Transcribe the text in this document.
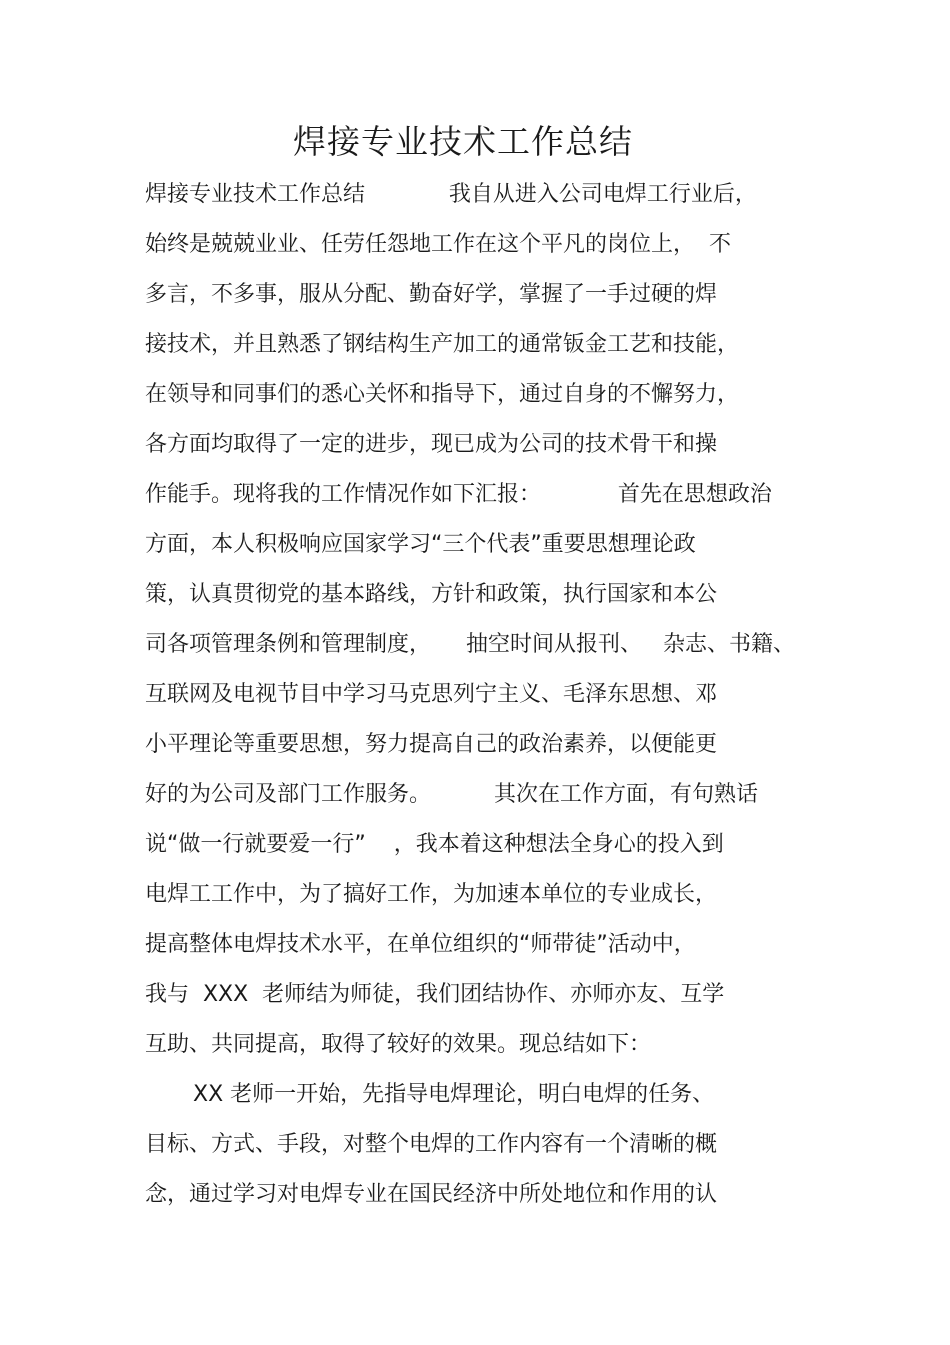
焊接专业技术工作总结
焊接专业技术工作总结            我自从进入公司电焊工行业后，
始终是兢兢业业、任劳任怨地工作在这个平凡的岗位上，  不
多言，不多事，服从分配、勤奋好学，掌握了一手过硬的焊
接技术，并且熟悉了钢结构生产加工的通常钣金工艺和技能，
在领导和同事们的悉心关怀和指导下，通过自身的不懈努力，
各方面均取得了一定的进步，现已成为公司的技术骨干和操
作能手。现将我的工作情况作如下汇报：           首先在思想政治
方面，本人积极响应国家学习“三个代表”重要思想理论政
策，认真贯彻党的基本路线，方针和政策，执行国家和本公
司各项管理条例和管理制度，     抽空时间从报刊、   杂志、书籍、
互联网及电视节目中学习马克思列宁主义、毛泽东思想、邓
小平理论等重要思想，努力提高自己的政治素养，以便能更
好的为公司及部门工作服务。         其次在工作方面，有句熟话
说“做一行就要爱一行”    ，我本着这种想法全身心的投入到
电焊工工作中，为了搞好工作，为加速本单位的专业成长，
提高整体电焊技术水平，在单位组织的“师带徒”活动中，
我与  XXX  老师结为师徒，我们团结协作、亦师亦友、互学
互助、共同提高，取得了较好的效果。现总结如下：
XX 老师一开始，先指导电焊理论，明白电焊的任务、
目标、方式、手段，对整个电焊的工作内容有一个清晰的概
念，通过学习对电焊专业在国民经济中所处地位和作用的认
